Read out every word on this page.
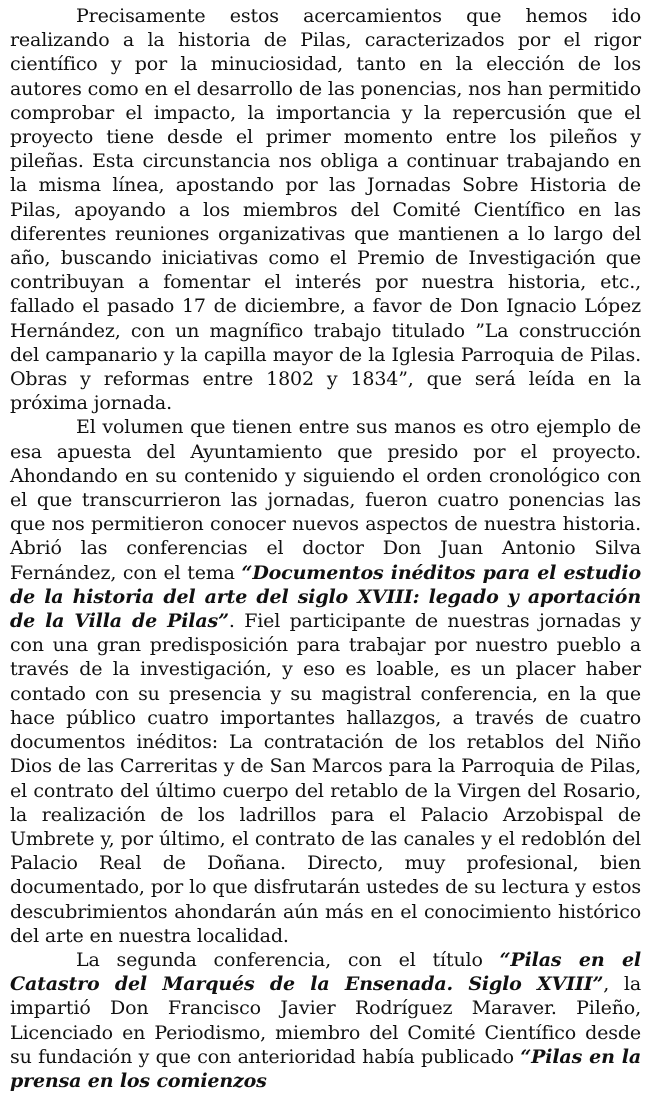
Precisamente estos acercamientos que hemos ido realizando a la historia de Pilas, caracterizados por el rigor científico y por la minuciosidad, tanto en la elección de los autores como en el desarrollo de las ponencias, nos han permitido comprobar el impacto, la importancia y la repercusión que el proyecto tiene desde el primer momento entre los pileños y pileñas. Esta circunstancia nos obliga a continuar trabajando en la misma línea, apostando por las Jornadas Sobre Historia de Pilas, apoyando a los miembros del Comité Científico en las diferentes reuniones organizativas que mantienen a lo largo del año, buscando iniciativas como el Premio de Investigación que contribuyan a fomentar el interés por nuestra historia, etc., fallado el pasado 17 de diciembre, a favor de Don Ignacio López Hernández, con un magnífico trabajo titulado ”La construcción del campanario y la capilla mayor de la Iglesia Parroquia de Pilas. Obras y reformas entre 1802 y 1834”, que será leída en la próxima jornada.

El volumen que tienen entre sus manos es otro ejemplo de esa apuesta del Ayuntamiento que presido por el proyecto. Ahondando en su contenido y siguiendo el orden cronológico con el que transcurrieron las jornadas, fueron cuatro ponencias las que nos permitieron conocer nuevos aspectos de nuestra historia. Abrió las conferencias el doctor Don Juan Antonio Silva Fernández, con el tema “Documentos inéditos para el estudio de la historia del arte del siglo XVIII: legado y aportación de la Villa de Pilas”. Fiel participante de nuestras jornadas y con una gran predisposición para trabajar por nuestro pueblo a través de la investigación, y eso es loable, es un placer haber contado con su presencia y su magistral conferencia, en la que hace público cuatro importantes hallazgos, a través de cuatro documentos inéditos: La contratación de los retablos del Niño Dios de las Carreritas y de San Marcos para la Parroquia de Pilas, el contrato del último cuerpo del retablo de la Virgen del Rosario, la realización de los ladrillos para el Palacio Arzobispal de Umbrete y, por último, el contrato de las canales y el redoblón del Palacio Real de Doñana. Directo, muy profesional, bien documentado, por lo que disfrutarán ustedes de su lectura y estos descubrimientos ahondarán aún más en el conocimiento histórico del arte en nuestra localidad.

La segunda conferencia, con el título “Pilas en el Catastro del Marqués de la Ensenada. Siglo XVIII”, la impartió Don Francisco Javier Rodríguez Maraver. Pileño, Licenciado en Periodismo, miembro del Comité Científico desde su fundación y que con anterioridad había publicado “Pilas en la prensa en los comienzos
